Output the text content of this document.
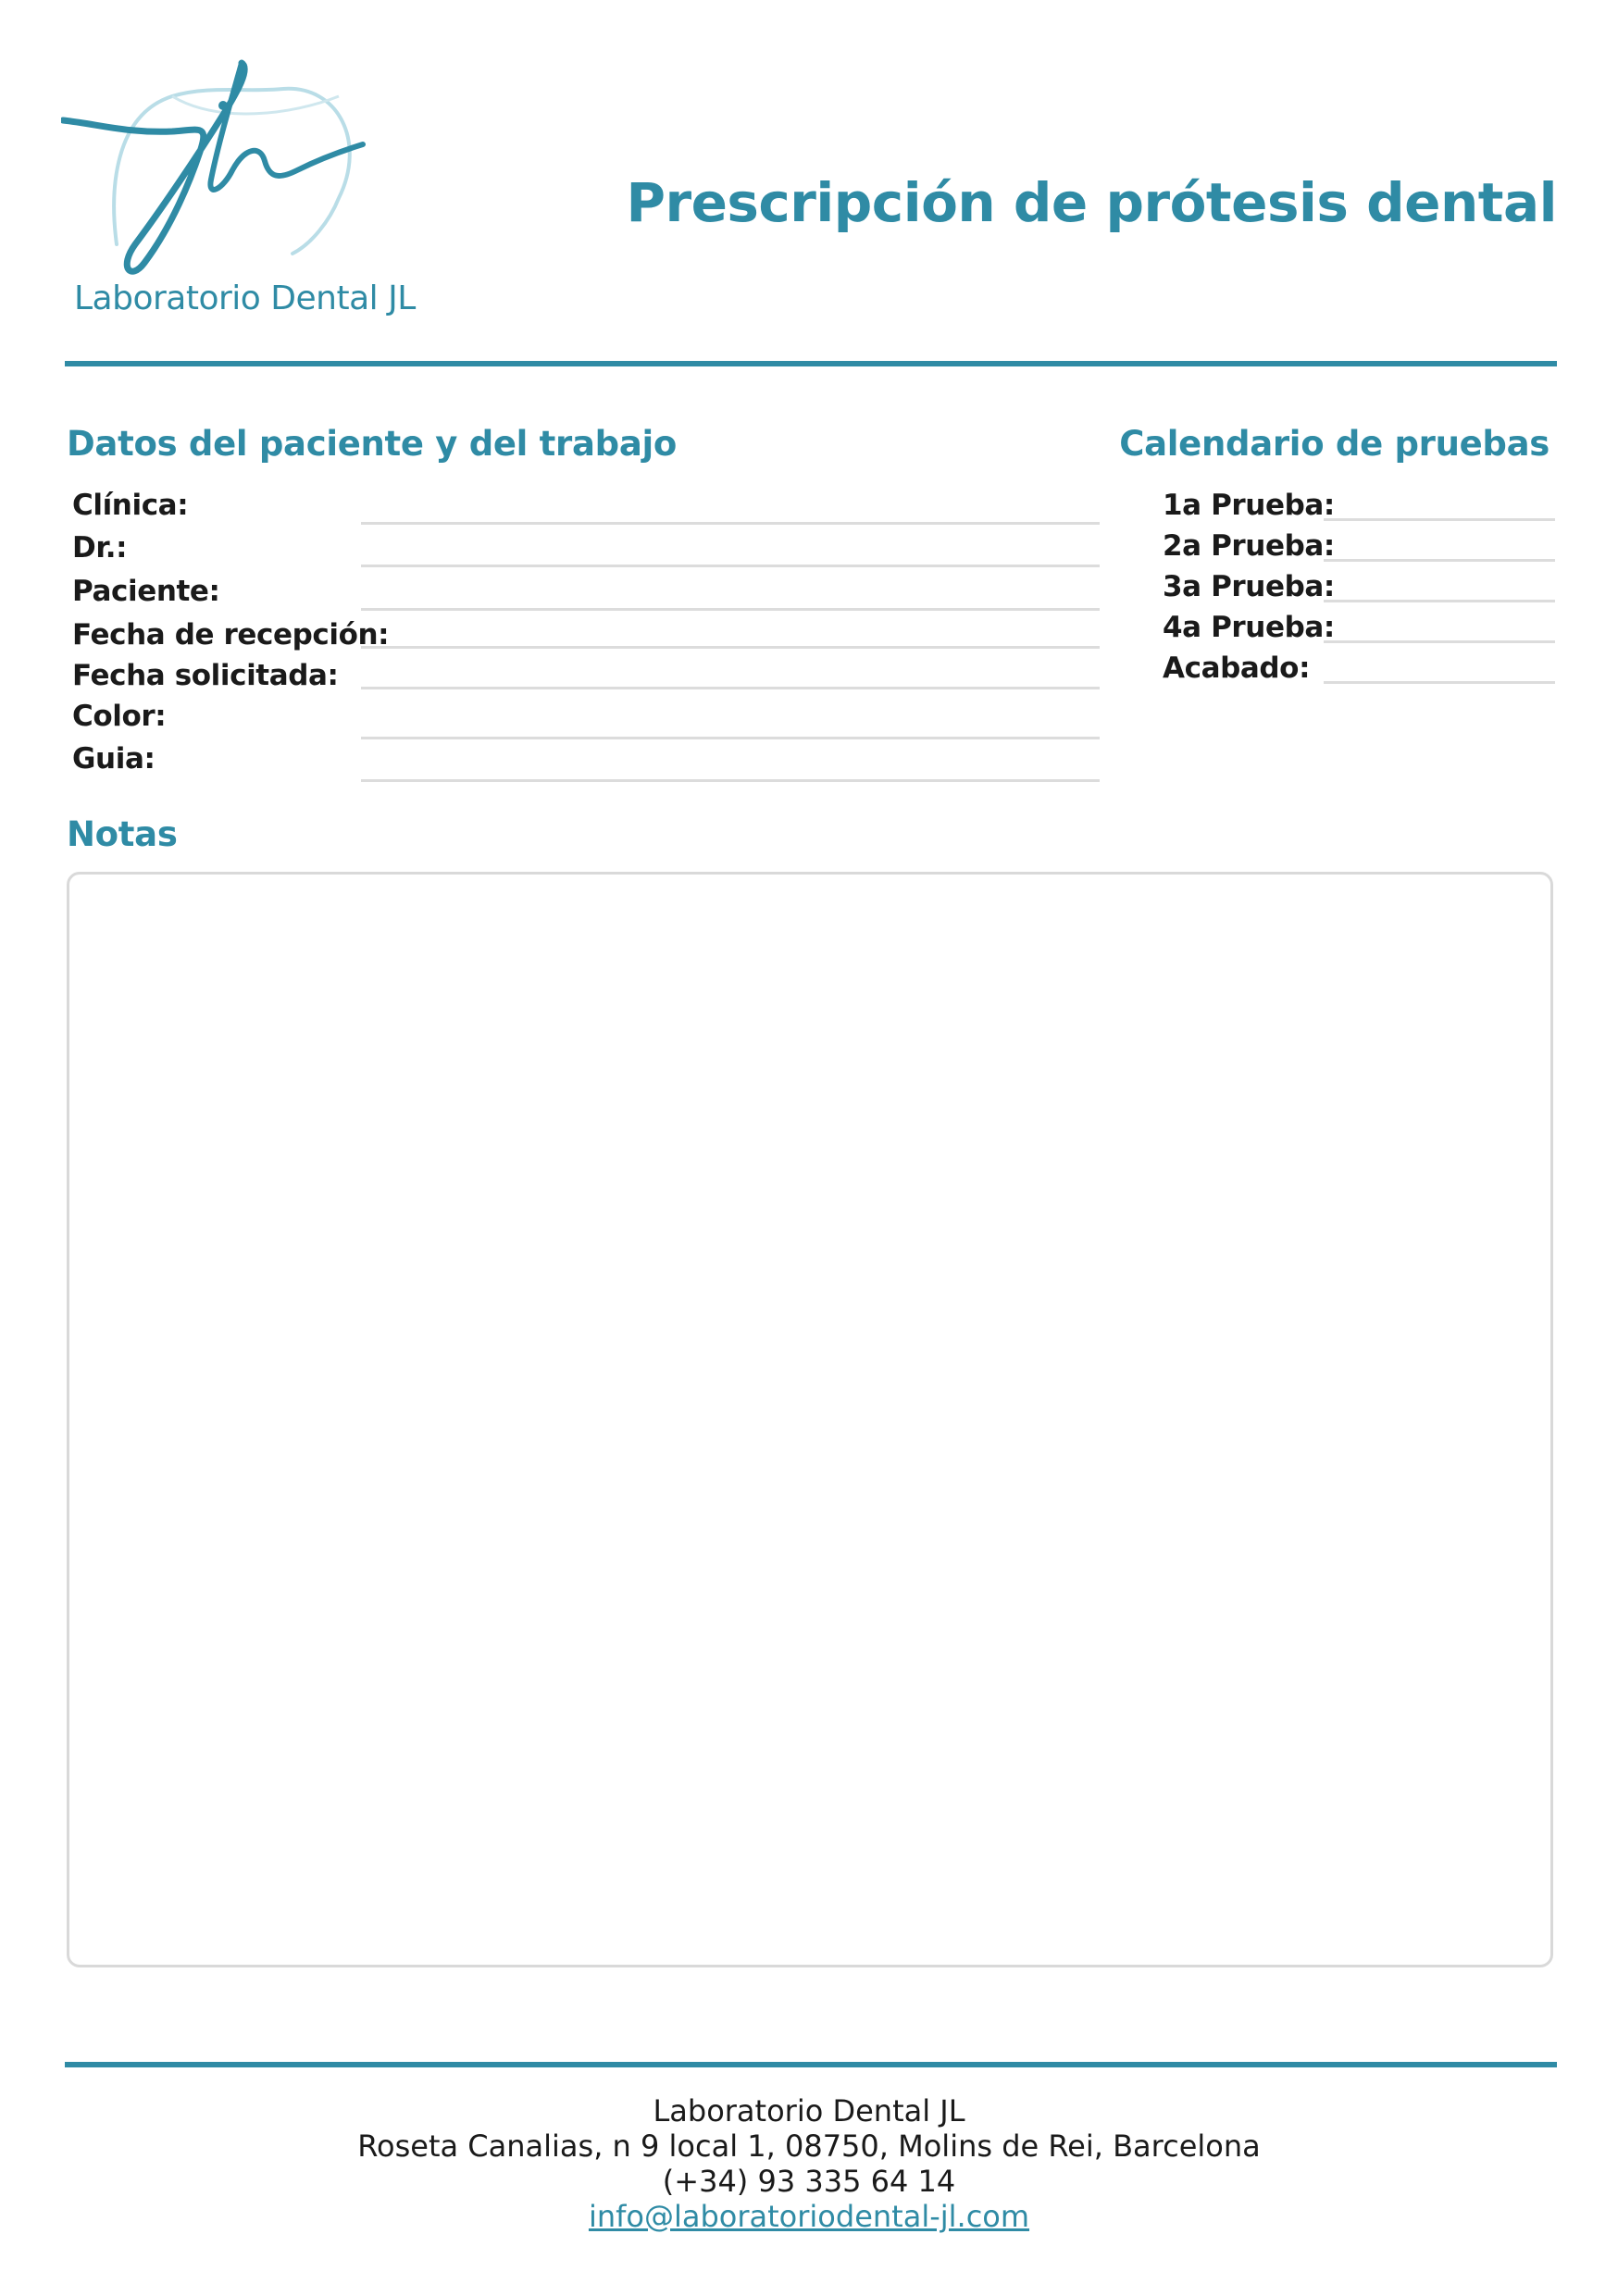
Laboratorio Dental JL
Prescripción de prótesis dental
Datos del paciente y del trabajo
Clínica:
Dr.:
Paciente:
Fecha de recepción:
Fecha solicitada:
Color:
Guia:
Calendario de pruebas
1a Prueba:
2a Prueba:
3a Prueba:
4a Prueba:
Acabado:
Notas
Laboratorio Dental JL
Roseta Canalias, n 9 local 1, 08750, Molins de Rei, Barcelona
(+34) 93 335 64 14
info@laboratoriodental-jl.com
